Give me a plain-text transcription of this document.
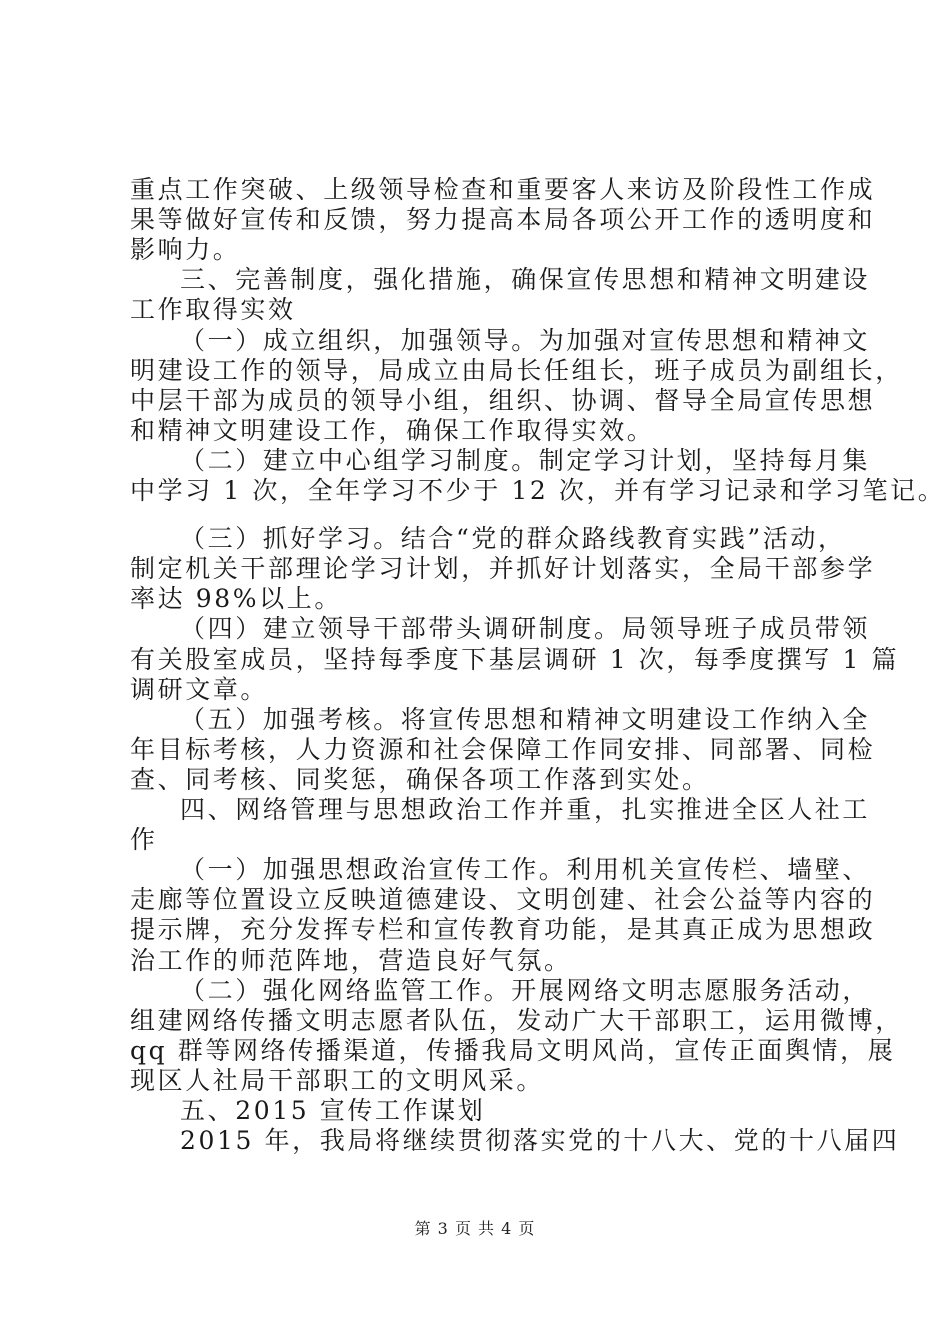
重点工作突破、上级领导检查和重要客人来访及阶段性工作成
果等做好宣传和反馈，努力提高本局各项公开工作的透明度和
影响力。
三、完善制度，强化措施，确保宣传思想和精神文明建设
工作取得实效
（一）成立组织，加强领导。为加强对宣传思想和精神文
明建设工作的领导，局成立由局长任组长，班子成员为副组长，
中层干部为成员的领导小组，组织、协调、督导全局宣传思想
和精神文明建设工作，确保工作取得实效。
（二）建立中心组学习制度。制定学习计划，坚持每月集
中学习 1 次，全年学习不少于 12 次，并有学习记录和学习笔记。
（三）抓好学习。结合“党的群众路线教育实践”活动，
制定机关干部理论学习计划，并抓好计划落实，全局干部参学
率达 98%以上。
（四）建立领导干部带头调研制度。局领导班子成员带领
有关股室成员，坚持每季度下基层调研 1 次，每季度撰写 1 篇
调研文章。
（五）加强考核。将宣传思想和精神文明建设工作纳入全
年目标考核，人力资源和社会保障工作同安排、同部署、同检
查、同考核、同奖惩，确保各项工作落到实处。
四、网络管理与思想政治工作并重，扎实推进全区人社工
作
（一）加强思想政治宣传工作。利用机关宣传栏、墙壁、
走廊等位置设立反映道德建设、文明创建、社会公益等内容的
提示牌，充分发挥专栏和宣传教育功能，是其真正成为思想政
治工作的师范阵地，营造良好气氛。
（二）强化网络监管工作。开展网络文明志愿服务活动，
组建网络传播文明志愿者队伍，发动广大干部职工，运用微博，
qq 群等网络传播渠道，传播我局文明风尚，宣传正面舆情，展
现区人社局干部职工的文明风采。
五、2015 宣传工作谋划
2015 年，我局将继续贯彻落实党的十八大、党的十八届四
第 3 页 共 4 页
